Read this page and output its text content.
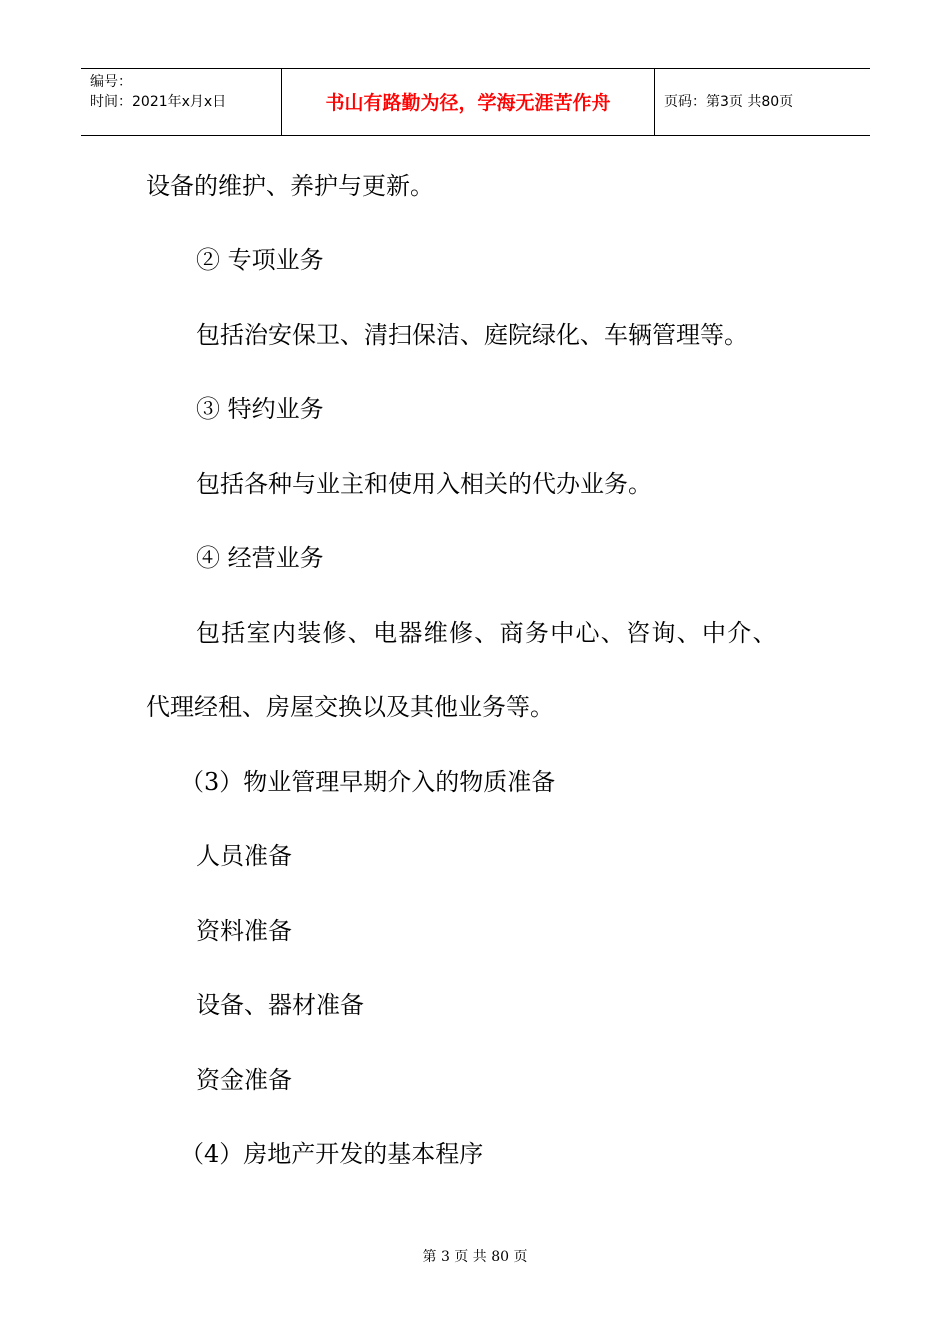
编号：
时间：2021年x月x日	书山有路勤为径，学海无涯苦作舟	页码：第3页 共80页
设备的维护、养护与更新。
② 专项业务
包括治安保卫、清扫保洁、庭院绿化、车辆管理等。
③ 特约业务
包括各种与业主和使用入相关的代办业务。
④ 经营业务
包括室内装修、电器维修、商务中心、咨询、中介、
代理经租、房屋交换以及其他业务等。
（3）物业管理早期介入的物质准备
人员准备
资料准备
设备、器材准备
资金准备
（4）房地产开发的基本程序
第 3 页 共 80 页
